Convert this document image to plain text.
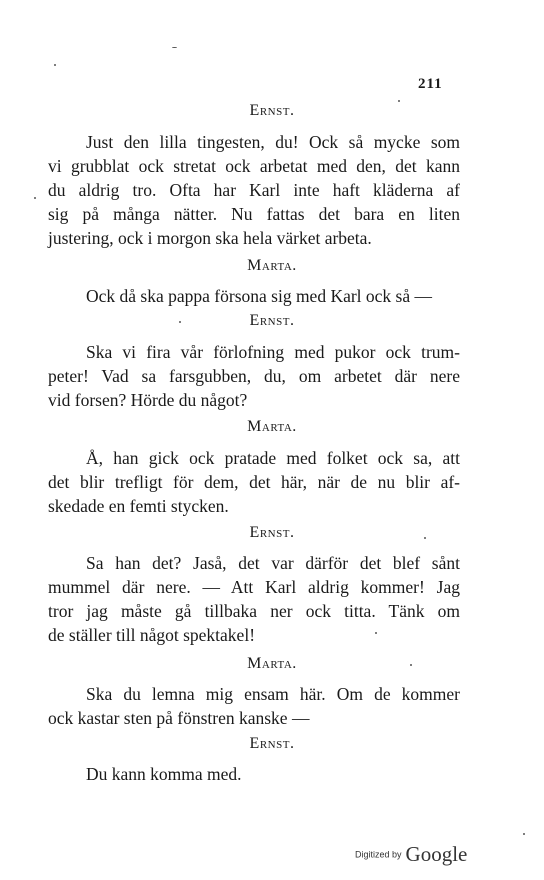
211
Ernst.
Just den lilla tingesten, du! Ock så mycke som
vi grubblat ock stretat ock arbetat med den, det kann
du aldrig tro. Ofta har Karl inte haft kläderna af
sig på många nätter. Nu fattas det bara en liten
justering, ock i morgon ska hela värket arbeta.
Marta.
Ock då ska pappa försona sig med Karl ock så —
Ernst.
Ska vi fira vår förlofning med pukor ock trum-
peter! Vad sa farsgubben, du, om arbetet där nere
vid forsen? Hörde du något?
Marta.
Å, han gick ock pratade med folket ock sa, att
det blir trefligt för dem, det här, när de nu blir af-
skedade en femti stycken.
Ernst.
Sa han det? Jaså, det var därför det blef sånt
mummel där nere. — Att Karl aldrig kommer! Jag
tror jag måste gå tillbaka ner ock titta. Tänk om
de ställer till något spektakel!
Marta.
Ska du lemna mig ensam här. Om de kommer
ock kastar sten på fönstren kanske —
Ernst.
Du kann komma med.
Digitized by Google
